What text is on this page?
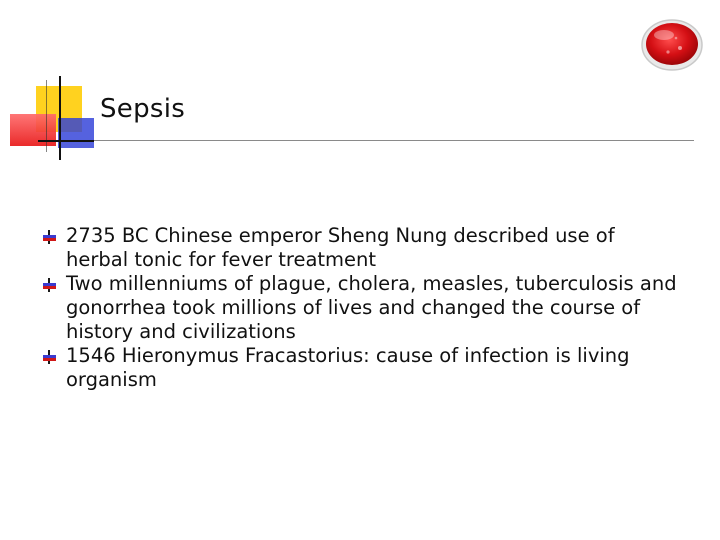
Sepsis
2735 BC Chinese emperor Sheng Nung described use of herbal tonic for fever treatment
Two millenniums of plague, cholera, measles, tuberculosis and gonorrhea took millions of lives and changed the course of history and civilizations
1546 Hieronymus Fracastorius: cause of infection is living organism
